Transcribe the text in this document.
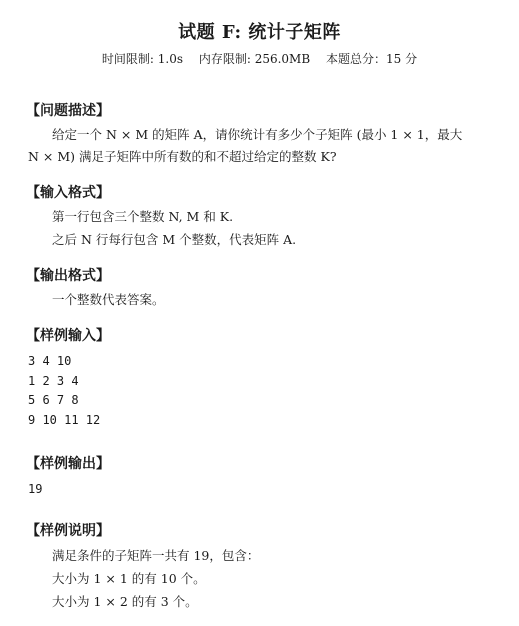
试题 F: 统计子矩阵
时间限制: 1.0s 内存限制: 256.0MB 本题总分：15 分
【问题描述】
给定一个 N × M 的矩阵 A，请你统计有多少个子矩阵 (最小 1 × 1，最大
N × M) 满足子矩阵中所有数的和不超过给定的整数 K?
【输入格式】
第一行包含三个整数 N, M 和 K.
之后 N 行每行包含 M 个整数，代表矩阵 A.
【输出格式】
一个整数代表答案。
【样例输入】
3 4 10
1 2 3 4
5 6 7 8
9 10 11 12
【样例输出】
19
【样例说明】
满足条件的子矩阵一共有 19，包含：
大小为 1 × 1 的有 10 个。
大小为 1 × 2 的有 3 个。
